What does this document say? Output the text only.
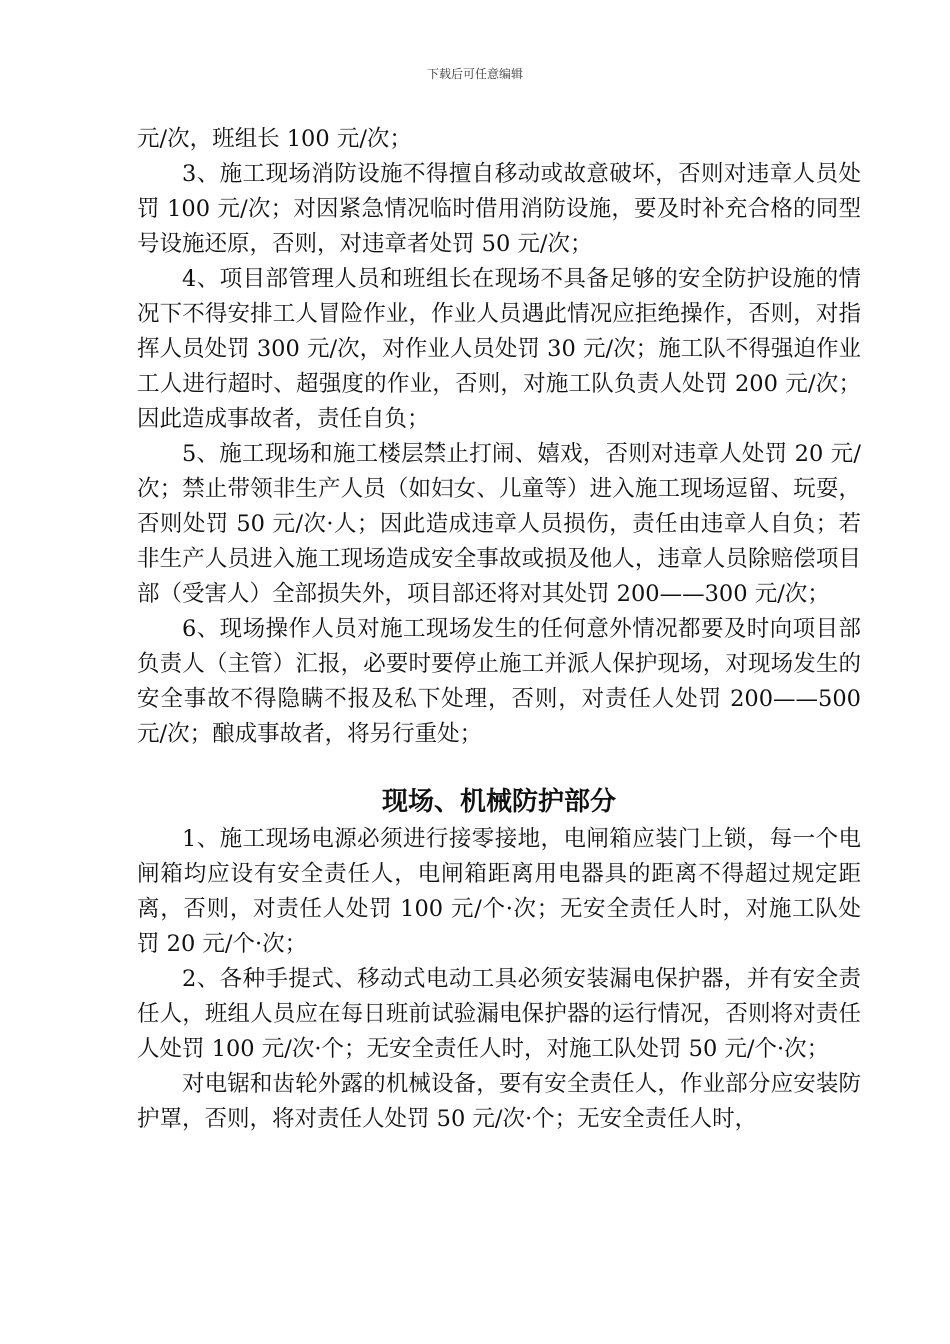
下载后可任意编辑

元/次，班组长 100 元/次；

3、施工现场消防设施不得擅自移动或故意破坏，否则对违章人员处罚 100 元/次；对因紧急情况临时借用消防设施，要及时补充合格的同型号设施还原，否则，对违章者处罚 50 元/次；

4、项目部管理人员和班组长在现场不具备足够的安全防护设施的情况下不得安排工人冒险作业，作业人员遇此情况应拒绝操作，否则，对指挥人员处罚 300 元/次，对作业人员处罚 30 元/次；施工队不得强迫作业工人进行超时、超强度的作业，否则，对施工队负责人处罚 200 元/次；因此造成事故者，责任自负；

5、施工现场和施工楼层禁止打闹、嬉戏，否则对违章人处罚 20 元/次；禁止带领非生产人员（如妇女、儿童等）进入施工现场逗留、玩耍，否则处罚 50 元/次·人；因此造成违章人员损伤，责任由违章人自负；若非生产人员进入施工现场造成安全事故或损及他人，违章人员除赔偿项目部（受害人）全部损失外，项目部还将对其处罚 200——300 元/次；

6、现场操作人员对施工现场发生的任何意外情况都要及时向项目部负责人（主管）汇报，必要时要停止施工并派人保护现场，对现场发生的安全事故不得隐瞒不报及私下处理，否则，对责任人处罚 200——500 元/次；酿成事故者，将另行重处；

现场、机械防护部分

1、施工现场电源必须进行接零接地，电闸箱应装门上锁，每一个电闸箱均应设有安全责任人，电闸箱距离用电器具的距离不得超过规定距离，否则，对责任人处罚 100 元/个·次；无安全责任人时，对施工队处罚 20 元/个·次；

2、各种手提式、移动式电动工具必须安装漏电保护器，并有安全责任人，班组人员应在每日班前试验漏电保护器的运行情况，否则将对责任人处罚 100 元/次·个；无安全责任人时，对施工队处罚 50 元/个·次；

对电锯和齿轮外露的机械设备，要有安全责任人，作业部分应安装防护罩，否则，将对责任人处罚 50 元/次·个；无安全责任人时，
